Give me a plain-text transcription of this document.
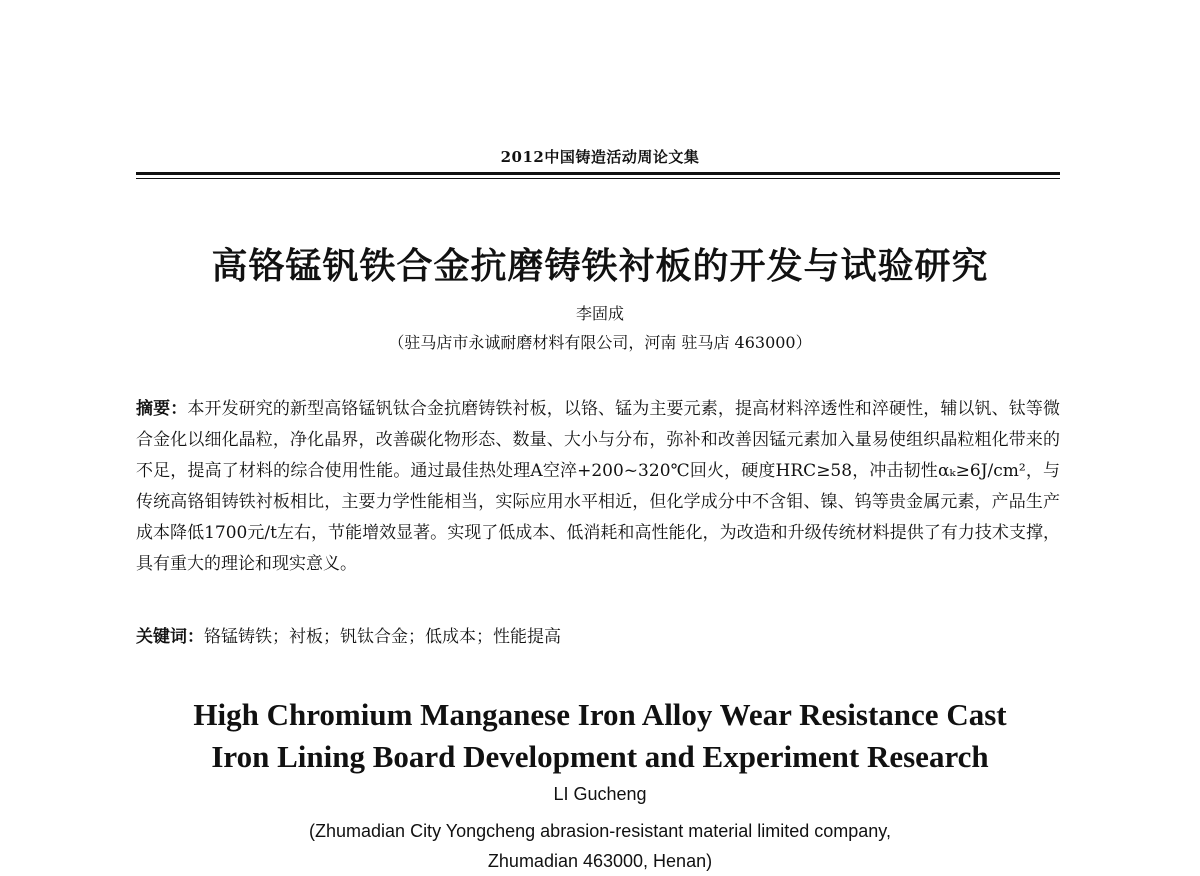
2012中国铸造活动周论文集
高铬锰钒铁合金抗磨铸铁衬板的开发与试验研究
李固成
（驻马店市永诚耐磨材料有限公司，河南 驻马店 463000）
摘要：本开发研究的新型高铬锰钒钛合金抗磨铸铁衬板，以铬、锰为主要元素，提高材料淬透性和淬硬性，辅以钒、钛等微合金化以细化晶粒，净化晶界，改善碳化物形态、数量、大小与分布，弥补和改善因锰元素加入量易使组织晶粒粗化带来的不足，提高了材料的综合使用性能。通过最佳热处理A空淬+200~320℃回火，硬度HRC≥58，冲击韧性αₖ≥6J/cm²，与传统高铬钼铸铁衬板相比，主要力学性能相当，实际应用水平相近，但化学成分中不含钼、镍、钨等贵金属元素，产品生产成本降低1700元/t左右，节能增效显著。实现了低成本、低消耗和高性能化，为改造和升级传统材料提供了有力技术支撑，具有重大的理论和现实意义。
关键词：铬锰铸铁；衬板；钒钛合金；低成本；性能提高
High Chromium Manganese Iron Alloy Wear Resistance Cast
Iron Lining Board Development and Experiment Research
LI Gucheng
(Zhumadian City Yongcheng abrasion-resistant material limited company,
Zhumadian 463000, Henan)
